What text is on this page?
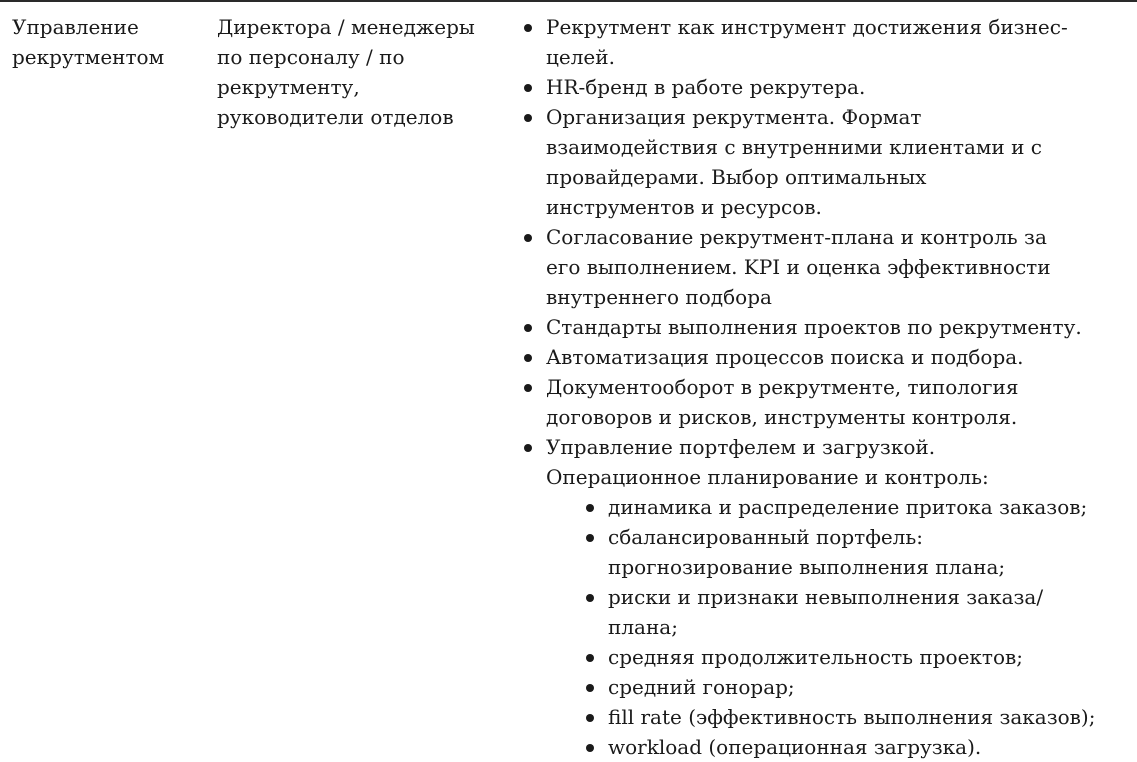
Управление
рекрутментом
Директора / менеджеры
по персоналу / по
рекрутменту,
руководители отделов
Рекрутмент как инструмент достижения бизнес-
целей.
HR-бренд в работе рекрутера.
Организация рекрутмента. Формат
взаимодействия с внутренними клиентами и с
провайдерами. Выбор оптимальных
инструментов и ресурсов.
Согласование рекрутмент-плана и контроль за
его выполнением. KPI и оценка эффективности
внутреннего подбора
Стандарты выполнения проектов по рекрутменту.
Автоматизация процессов поиска и подбора.
Документооборот в рекрутменте, типология
договоров и рисков, инструменты контроля.
Управление портфелем и загрузкой.
Операционное планирование и контроль:
динамика и распределение притока заказов;
сбалансированный портфель:
прогнозирование выполнения плана;
риски и признаки невыполнения заказа/
плана;
средняя продолжительность проектов;
средний гонорар;
fill rate (эффективность выполнения заказов);
workload (операционная загрузка).
